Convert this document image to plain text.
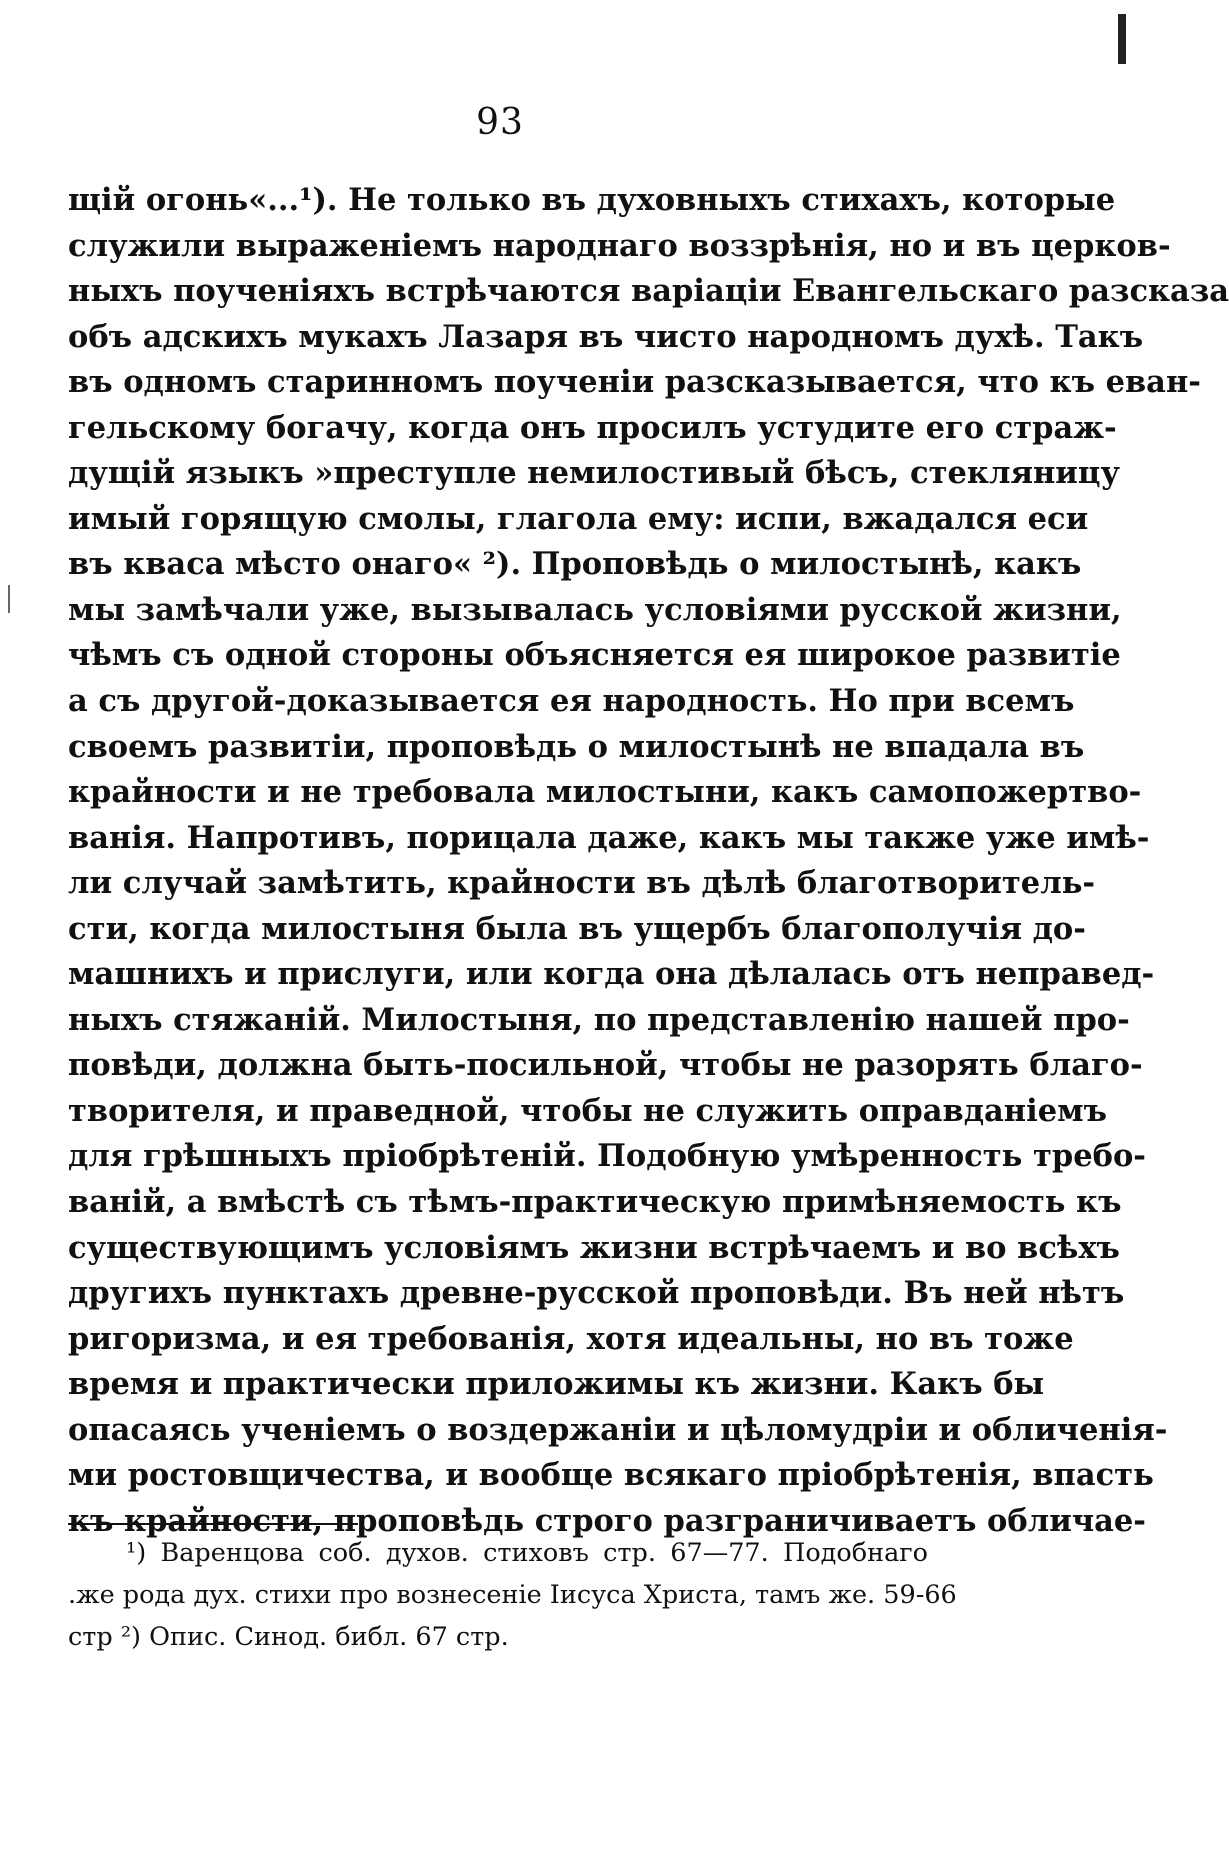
93
щій огонь«...¹). Не только въ духовныхъ стихахъ, которые
служили выраженіемъ народнаго воззрѣнія, но и въ церков-
ныхъ поученіяхъ встрѣчаются варіаціи Евангельскаго разсказа
объ адскихъ мукахъ Лазаря въ чисто народномъ духѣ. Такъ
въ одномъ старинномъ поученіи разсказывается, что къ еван-
гельскому богачу, когда онъ просилъ устудите его страж-
дущій языкъ »преступле немилостивый бѣсъ, стекляницу
имый горящую смолы, глагола ему: испи, вжадался еси
въ кваса мѣсто онаго« ²). Проповѣдь о милостынѣ, какъ
мы замѣчали уже, вызывалась условіями русской жизни,
чѣмъ съ одной стороны объясняется ея широкое развитіе
а съ другой-доказывается ея народность. Но при всемъ
своемъ развитіи, проповѣдь о милостынѣ не впадала въ
крайности и не требовала милостыни, какъ самопожертво-
ванія. Напротивъ, порицала даже, какъ мы также уже имѣ-
ли случай замѣтить, крайности въ дѣлѣ благотворитель-
сти, когда милостыня была въ ущербъ благополучія до-
машнихъ и прислуги, или когда она дѣлалась отъ неправед-
ныхъ стяжаній. Милостыня, по представленію нашей про-
повѣди, должна быть-посильной, чтобы не разорять благо-
творителя, и праведной, чтобы не служить оправданіемъ
для грѣшныхъ пріобрѣтеній. Подобную умѣренность требо-
ваній, а вмѣстѣ съ тѣмъ-практическую примѣняемость къ
существующимъ условіямъ жизни встрѣчаемъ и во всѣхъ
другихъ пунктахъ древне-русской проповѣди. Въ ней нѣтъ
ригоризма, и ея требованія, хотя идеальны, но въ тоже
время и практически приложимы къ жизни. Какъ бы
опасаясь ученіемъ о воздержаніи и цѣломудріи и обличенія-
ми ростовщичества, и вообще всякаго пріобрѣтенія, впасть
къ крайности, проповѣдь строго разграничиваетъ обличае-
¹) Варенцова соб. духов. стиховъ стр. 67—77. Подобнаго
.же рода дух. стихи про вознесеніе Іисуса Христа, тамъ же. 59-66
стр ²) Опис. Синод. библ. 67 стр.
